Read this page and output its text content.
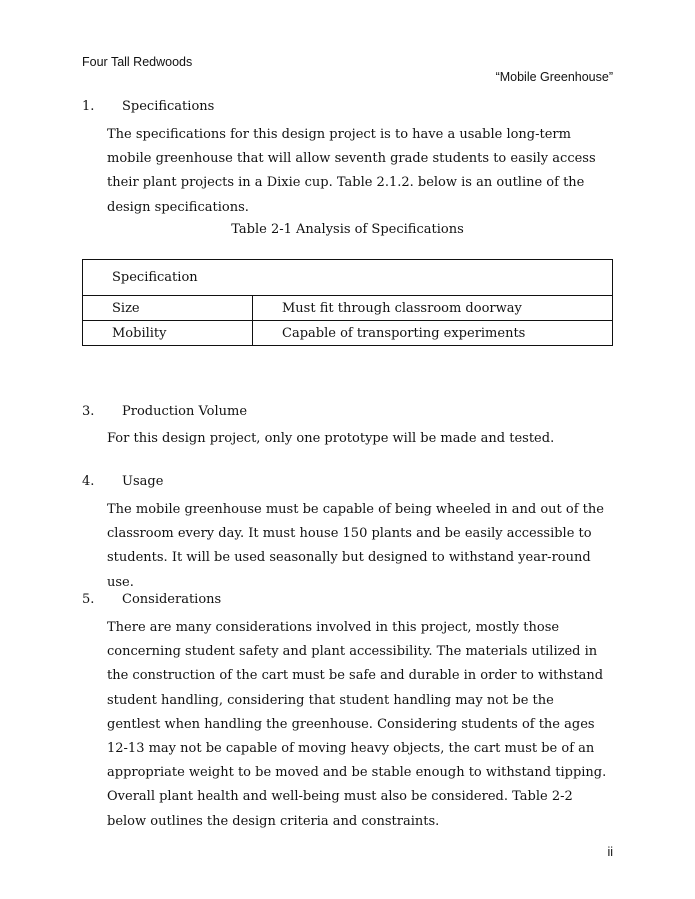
Four Tall Redwoods
“Mobile Greenhouse”
1.	Specifications
The specifications for this design project is to have a usable long-term mobile greenhouse that will allow seventh grade students to easily access their plant projects in a Dixie cup. Table 2.1.2. below is an outline of the design specifications.
Table 2-1 Analysis of Specifications
Specification	
Size	Must fit through classroom doorway
Mobility	Capable of transporting experiments
3.	Production Volume
For this design project, only one prototype will be made and tested.
4.	Usage
The mobile greenhouse must be capable of being wheeled in and out of the classroom every day. It must house 150 plants and be easily accessible to students. It will be used seasonally but designed to withstand year-round use.
5.	Considerations
There are many considerations involved in this project, mostly those concerning student safety and plant accessibility. The materials utilized in the construction of the cart must be safe and durable in order to withstand student handling, considering that student handling may not be the gentlest when handling the greenhouse. Considering students of the ages 12-13 may not be capable of moving heavy objects, the cart must be of an appropriate weight to be moved and be stable enough to withstand tipping. Overall plant health and well-being must also be considered. Table 2-2 below outlines the design criteria and constraints.
ii
